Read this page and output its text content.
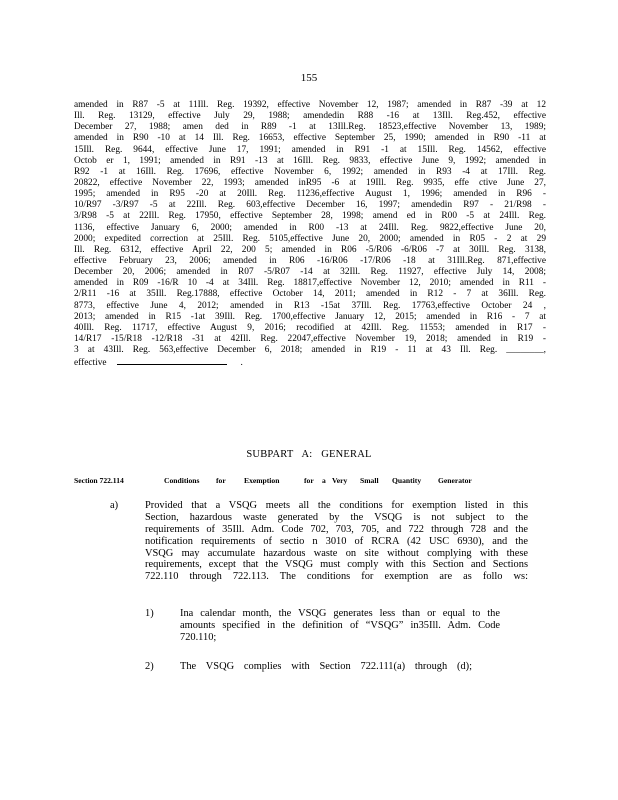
155
amended in R87 -5 at 11Ill. Reg. 19392, effective November 12, 1987; amended in R87 -39 at 12
Ill. Reg. 13129, effective July 29, 1988; amendedin R88 -16 at 13Ill. Reg.452, effective
December 27, 1988; amen ded in R89 -1 at 13Ill.Reg. 18523,effective November 13, 1989;
amended in R90 -10 at 14 Ill. Reg. 16653, effective September 25, 1990; amended in R90 -11 at
15Ill. Reg. 9644, effective June 17, 1991; amended in R91 -1 at 15Ill. Reg. 14562, effective
Octob er 1, 1991; amended in R91 -13 at 16Ill. Reg. 9833, effective June 9, 1992; amended in
R92 -1 at 16Ill. Reg. 17696, effective November 6, 1992; amended in R93 -4 at 17Ill. Reg.
20822, effective November 22, 1993; amended inR95 -6 at 19Ill. Reg. 9935, effe ctive June 27,
1995; amended in R95 -20 at 20Ill. Reg. 11236,effective August 1, 1996; amended in R96 -
10/R97 -3/R97 -5 at 22Ill. Reg. 603,effective December 16, 1997; amendedin R97 - 21/R98 -
3/R98 -5 at 22Ill. Reg. 17950, effective September 28, 1998; amend ed in R00 -5 at 24Ill. Reg.
1136, effective January 6, 2000; amended in R00 -13 at 24Ill. Reg. 9822,effective June 20,
2000; expedited correction at 25Ill. Reg. 5105,effective June 20, 2000; amended in R05 - 2 at 29
Ill. Reg. 6312, effective April 22, 200 5; amended in R06 -5/R06 -6/R06 -7 at 30Ill. Reg. 3138,
effective February 23, 2006; amended in R06 -16/R06 -17/R06 -18 at 31Ill.Reg. 871,effective
December 20, 2006; amended in R07 -5/R07 -14 at 32Ill. Reg. 11927, effective July 14, 2008;
amended in R09 -16/R 10 -4 at 34Ill. Reg. 18817,effective November 12, 2010; amended in R11 -
2/R11 -16 at 35Ill. Reg.17888, effective October 14, 2011; amended in R12 - 7 at 36Ill. Reg.
8773, effective June 4, 2012; amended in R13 -15at 37Ill. Reg. 17763,effective October 24 ,
2013; amended in R15 -1at 39Ill. Reg. 1700,effective January 12, 2015; amended in R16 - 7 at
40Ill. Reg. 11717, effective August 9, 2016; recodified at 42Ill. Reg. 11553; amended in R17 -
14/R17 -15/R18 -12/R18 -31 at 42Ill. Reg. 22047,effective November 19, 2018; amended in R19 -
3 at 43Ill. Reg. 563,effective December 6, 2018; amended in R19 - 11 at 43 Ill. Reg. ________,
effective	.
SUBPART A: GENERAL
Section 722.114	Conditions	for	Exemption	for	a Very	Small	Quantity	Generator
a)	Provided that a VSQG meets all the conditions for exemption listed in this
Section, hazardous waste generated by the VSQG is not subject to the
requirements of 35Ill. Adm. Code 702, 703, 705, and 722 through 728 and the
notification requirements of sectio n 3010 of RCRA (42 USC 6930), and the
VSQG may accumulate hazardous waste on site without complying with these
requirements, except that the VSQG must comply with this Section and Sections
722.110 through 722.113. The conditions for exemption are as follo ws:
1)	Ina calendar month, the VSQG generates less than or equal to the
amounts specified in the definition of “VSQG” in35Ill. Adm. Code
720.110;
2)	The VSQG complies with Section 722.111(a) through (d);
